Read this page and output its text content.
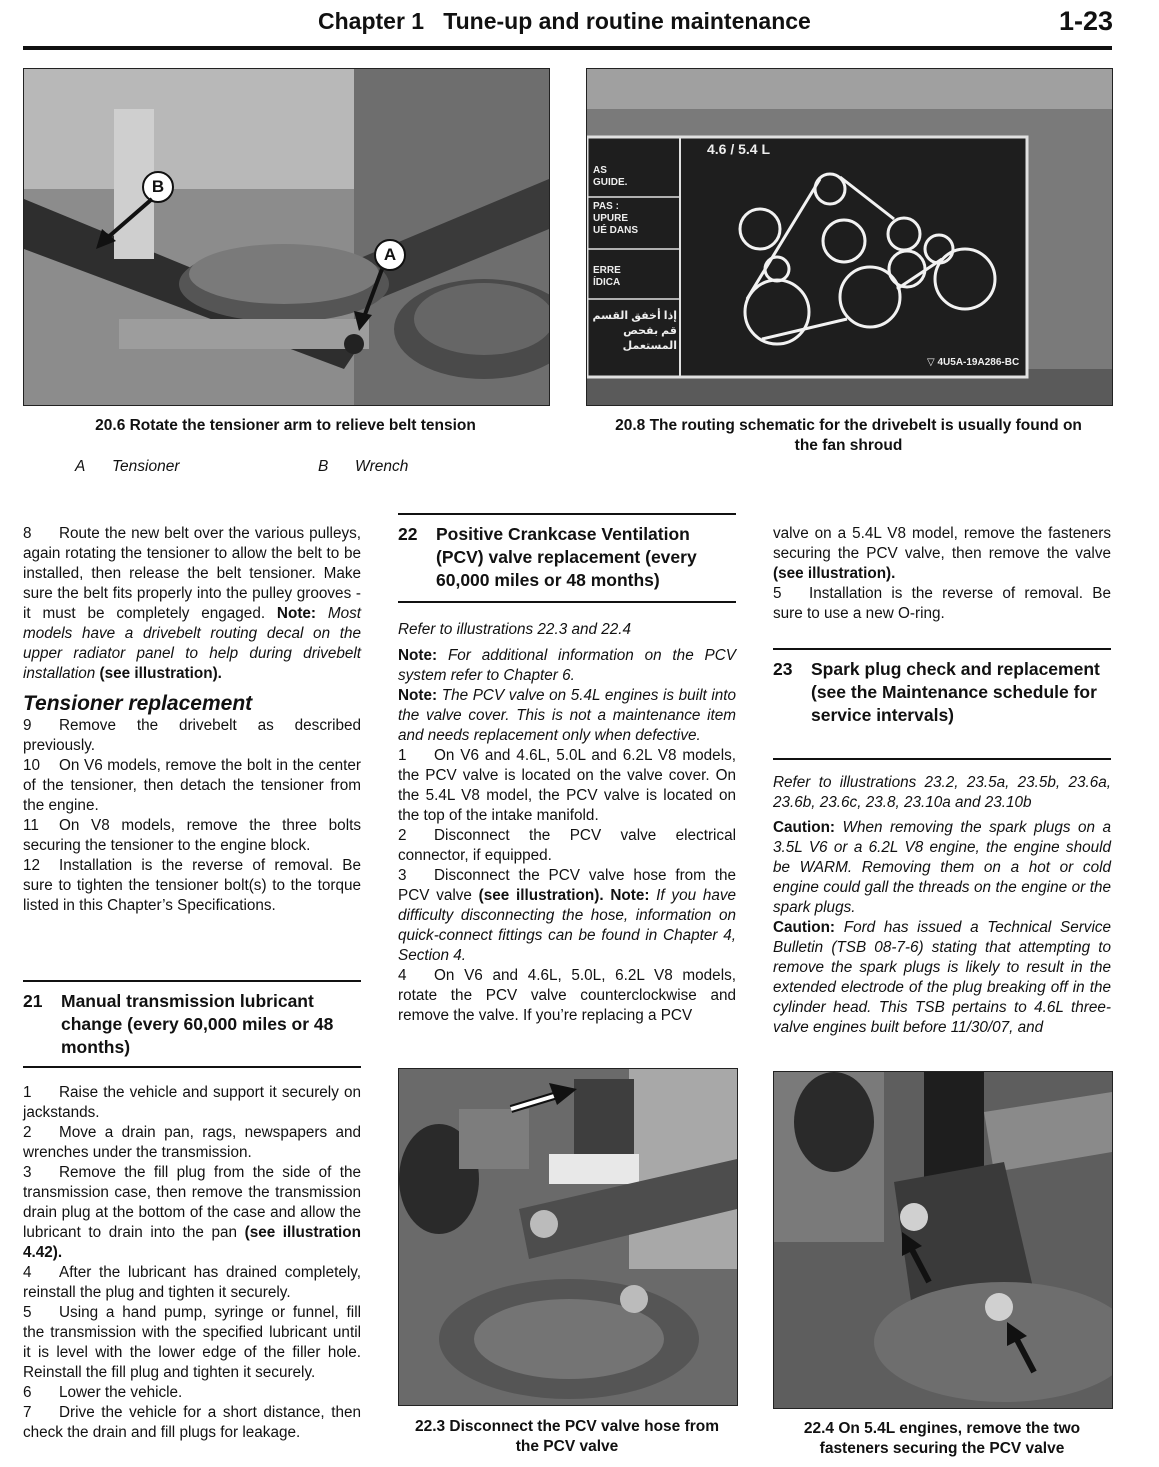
Chapter 1   Tune-up and routine maintenance	1-23
B
A
20.6 Rotate the tensioner arm to relieve belt tension
A Tensioner	B Wrench
4.6 / 5.4 L
▽ 4U5A-19A286-BC
AS
GUIDE.
PAS :
UPURE
UÉ DANS
ERRE
ÍDICA
إذا أخفق القسم
قم بفحص
المستعمل
20.8 The routing schematic for the drivebelt is usually found on
the fan shroud

8 Route the new belt over the various pulleys, again rotating the tensioner to allow the belt to be installed, then release the belt tensioner. Make sure the belt fits properly into the pulley grooves - it must be completely engaged. Note: Most models have a drivebelt routing decal on the upper radiator panel to help during drivebelt installation (see illustration).

Tensioner replacement

9 Remove the drivebelt as described previously.

10 On V6 models, remove the bolt in the center of the tensioner, then detach the tensioner from the engine.

11 On V8 models, remove the three bolts securing the tensioner to the engine block.

12 Installation is the reverse of removal. Be sure to tighten the tensioner bolt(s) to the torque listed in this Chapter’s Specifications.

21	Manual transmission lubricant change (every 60,000 miles or 48 months)

1 Raise the vehicle and support it securely on jackstands.

2 Move a drain pan, rags, newspapers and wrenches under the transmission.

3 Remove the fill plug from the side of the transmission case, then remove the transmission drain plug at the bottom of the case and allow the lubricant to drain into the pan (see illustration 4.42).

4 After the lubricant has drained completely, reinstall the plug and tighten it securely.

5 Using a hand pump, syringe or funnel, fill the transmission with the specified lubricant until it is level with the lower edge of the filler hole. Reinstall the fill plug and tighten it securely.

6 Lower the vehicle.

7 Drive the vehicle for a short distance, then check the drain and fill plugs for leakage.

22	Positive Crankcase Ventilation (PCV) valve replacement (every 60,000 miles or 48 months)

Refer to illustrations 22.3 and 22.4

Note: For additional information on the PCV system refer to Chapter 6.

Note: The PCV valve on 5.4L engines is built into the valve cover. This is not a maintenance item and needs replacement only when defective.

1 On V6 and 4.6L, 5.0L and 6.2L V8 models, the PCV valve is located on the valve cover. On the 5.4L V8 model, the PCV valve is located on the top of the intake manifold.

2 Disconnect the PCV valve electrical connector, if equipped.

3 Disconnect the PCV valve hose from the PCV valve (see illustration). Note: If you have difficulty disconnecting the hose, information on quick-connect fittings can be found in Chapter 4, Section 4.

4 On V6 and 4.6L, 5.0L, 6.2L V8 models, rotate the PCV valve counterclockwise and remove the valve. If you’re replacing a PCV

22.3 Disconnect the PCV valve hose from
the PCV valve

valve on a 5.4L V8 model, remove the fasteners securing the PCV valve, then remove the valve (see illustration).

5 Installation is the reverse of removal. Be sure to use a new O-ring.

23	Spark plug check and replacement (see the Maintenance schedule for service intervals)

Refer to illustrations 23.2, 23.5a, 23.5b, 23.6a, 23.6b, 23.6c, 23.8, 23.10a and 23.10b

Caution: When removing the spark plugs on a 3.5L V6 or a 6.2L V8 engine, the engine should be WARM. Removing them on a hot or cold engine could gall the threads on the engine or the spark plugs.

Caution: Ford has issued a Technical Service Bulletin (TSB 08-7-6) stating that attempting to remove the spark plugs is likely to result in the extended electrode of the plug breaking off in the cylinder head. This TSB pertains to 4.6L three-valve engines built before 11/30/07, and

22.4 On 5.4L engines, remove the two
fasteners securing the PCV valve
